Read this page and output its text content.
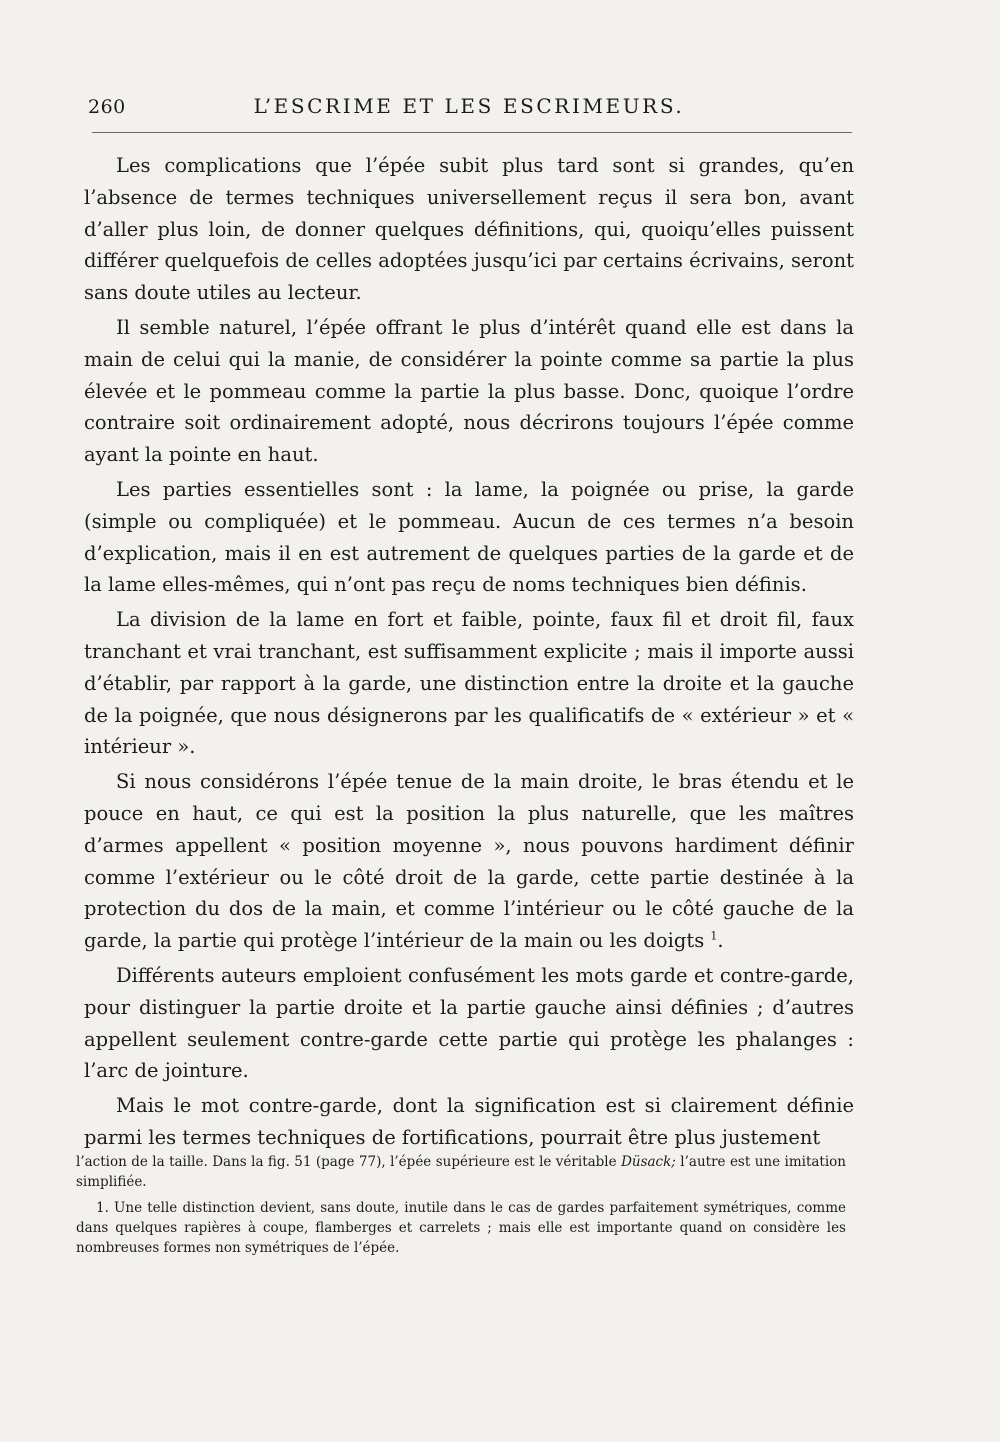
260	L’ESCRIME ET LES ESCRIMEURS.

Les complications que l’épée subit plus tard sont si grandes, qu’en l’absence de termes techniques universellement reçus il sera bon, avant d’aller plus loin, de donner quelques définitions, qui, quoiqu’elles puissent différer quelquefois de celles adoptées jusqu’ici par certains écrivains, seront sans doute utiles au lecteur.

Il semble naturel, l’épée offrant le plus d’intérêt quand elle est dans la main de celui qui la manie, de considérer la pointe comme sa partie la plus élevée et le pommeau comme la partie la plus basse. Donc, quoique l’ordre contraire soit ordinairement adopté, nous décrirons toujours l’épée comme ayant la pointe en haut.

Les parties essentielles sont : la lame, la poignée ou prise, la garde (simple ou compliquée) et le pommeau. Aucun de ces termes n’a besoin d’explication, mais il en est autrement de quelques parties de la garde et de la lame elles-mêmes, qui n’ont pas reçu de noms techniques bien définis.

La division de la lame en fort et faible, pointe, faux fil et droit fil, faux tranchant et vrai tranchant, est suffisamment explicite ; mais il importe aussi d’établir, par rapport à la garde, une distinction entre la droite et la gauche de la poignée, que nous désignerons par les qualificatifs de « extérieur » et « intérieur ».

Si nous considérons l’épée tenue de la main droite, le bras étendu et le pouce en haut, ce qui est la position la plus naturelle, que les maîtres d’armes appellent « position moyenne », nous pouvons hardiment définir comme l’extérieur ou le côté droit de la garde, cette partie destinée à la protection du dos de la main, et comme l’intérieur ou le côté gauche de la garde, la partie qui protège l’intérieur de la main ou les doigts $^1$.

Différents auteurs emploient confusément les mots garde et contre-garde, pour distinguer la partie droite et la partie gauche ainsi définies ; d’autres appellent seulement contre-garde cette partie qui protège les phalanges : l’arc de jointure.

Mais le mot contre-garde, dont la signification est si clairement définie parmi les termes techniques de fortifications, pourrait être plus justement

l’action de la taille. Dans la fig. 51 (page 77), l’épée supérieure est le véritable Düsack; l’autre est une imitation simplifiée.

1. Une telle distinction devient, sans doute, inutile dans le cas de gardes parfaitement symétriques, comme dans quelques rapières à coupe, flamberges et carrelets ; mais elle est importante quand on considère les nombreuses formes non symétriques de l’épée.
